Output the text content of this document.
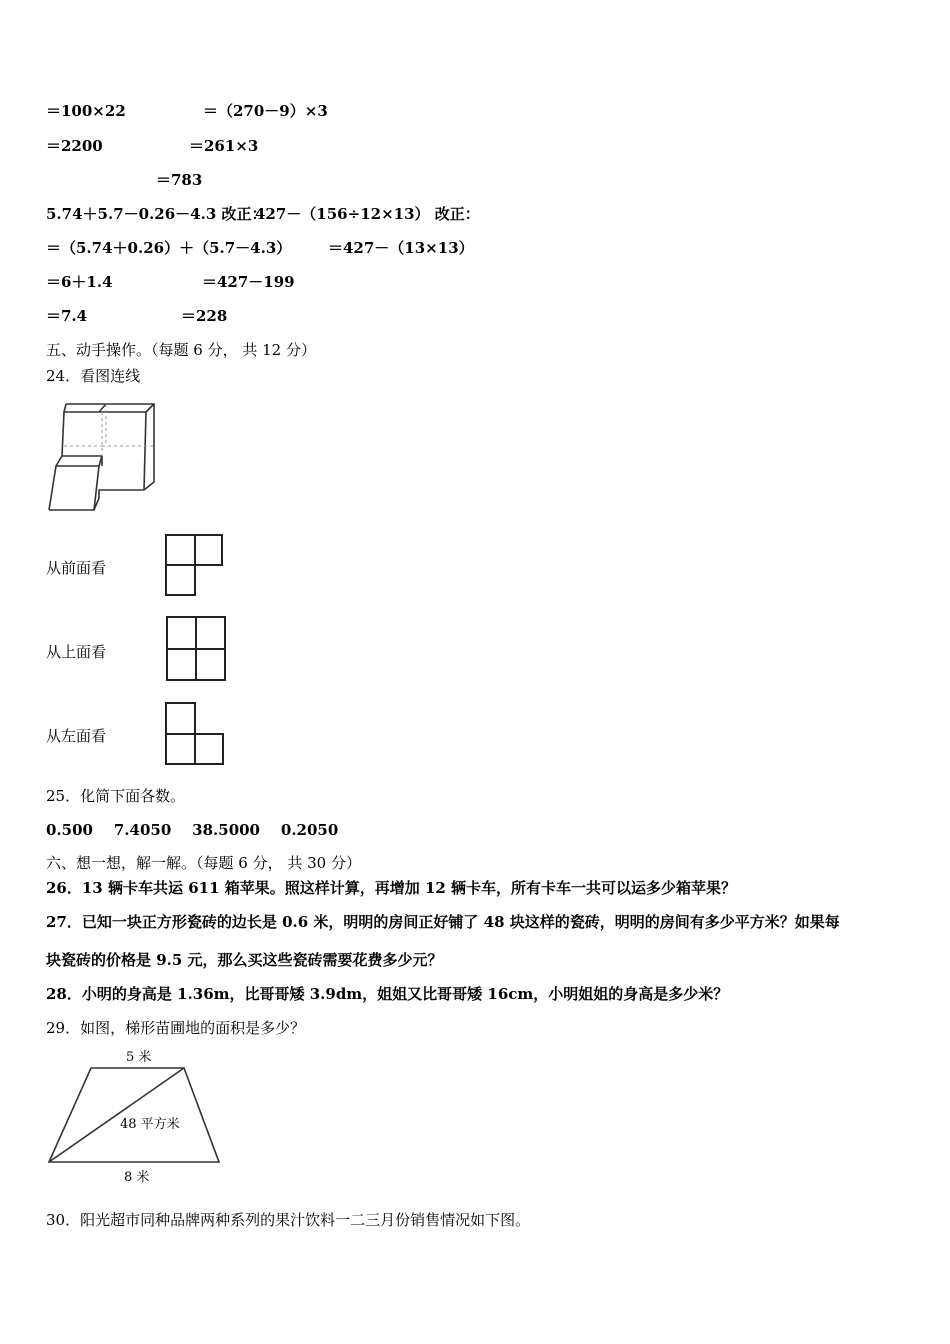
＝100×22	＝（270－9）×3
＝2200	＝261×3
＝783
5.74＋5.7－0.26－4.3 改正：
427－（156÷12×13） 改正：
＝（5.74＋0.26）＋（5.7－4.3） ＝427－（13×13）
＝6＋1.4	＝427－199
＝7.4	＝228
五、动手操作。（每题 6 分， 共 12 分）
24．看图连线
从前面看
从上面看
从左面看
25．化简下面各数。
0.500    7.4050    38.5000    0.2050
六、想一想，解一解。（每题 6 分， 共 30 分）
26．13 辆卡车共运 611 箱苹果。照这样计算，再增加 12 辆卡车，所有卡车一共可以运多少箱苹果？
27．已知一块正方形瓷砖的边长是 0.6 米，明明的房间正好铺了 48 块这样的瓷砖，明明的房间有多少平方米？如果每
块瓷砖的价格是 9.5 元，那么买这些瓷砖需要花费多少元？
28．小明的身高是 1.36m，比哥哥矮 3.9dm，姐姐又比哥哥矮 16cm，小明姐姐的身高是多少米？
29．如图，梯形苗圃地的面积是多少？
5 米
48 平方米
8 米
30．阳光超市同种品牌两种系列的果汁饮料一二三月份销售情况如下图。
